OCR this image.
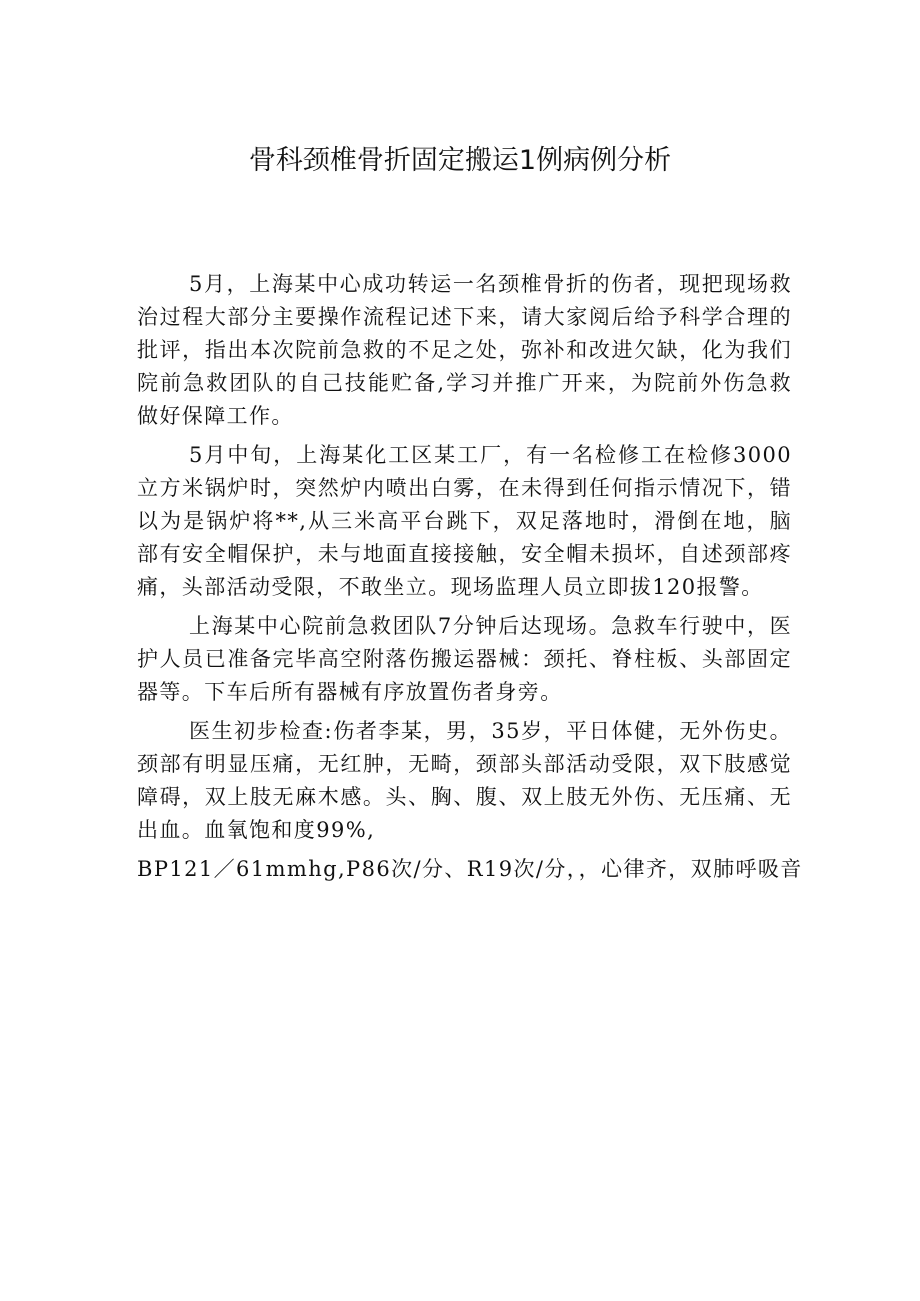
骨科颈椎骨折固定搬运1例病例分析

5月，上海某中心成功转运一名颈椎骨折的伤者，现把现场救治过程大部分主要操作流程记述下来，请大家阅后给予科学合理的批评，指出本次院前急救的不足之处，弥补和改进欠缺，化为我们院前急救团队的自己技能贮备,学习并推广开来，为院前外伤急救做好保障工作。

5月中旬，上海某化工区某工厂，有一名检修工在检修3000立方米锅炉时，突然炉内喷出白雾，在未得到任何指示情况下，错以为是锅炉将**,从三米高平台跳下，双足落地时，滑倒在地，脑部有安全帽保护，未与地面直接接触，安全帽未损坏，自述颈部疼痛，头部活动受限，不敢坐立。现场监理人员立即拔120报警。

上海某中心院前急救团队7分钟后达现场。急救车行驶中，医护人员已准备完毕高空附落伤搬运器械：颈托、脊柱板、头部固定器等。下车后所有器械有序放置伤者身旁。

医生初步检查:伤者李某，男，35岁，平日体健，无外伤史。颈部有明显压痛，无红肿，无畸，颈部头部活动受限，双下肢感觉障碍，双上肢无麻木感。头、胸、腹、双上肢无外伤、无压痛、无出血。血氧饱和度99%,

BP121／61mmhg,P86次/分、R19次/分，，心律齐，双肺呼吸音
